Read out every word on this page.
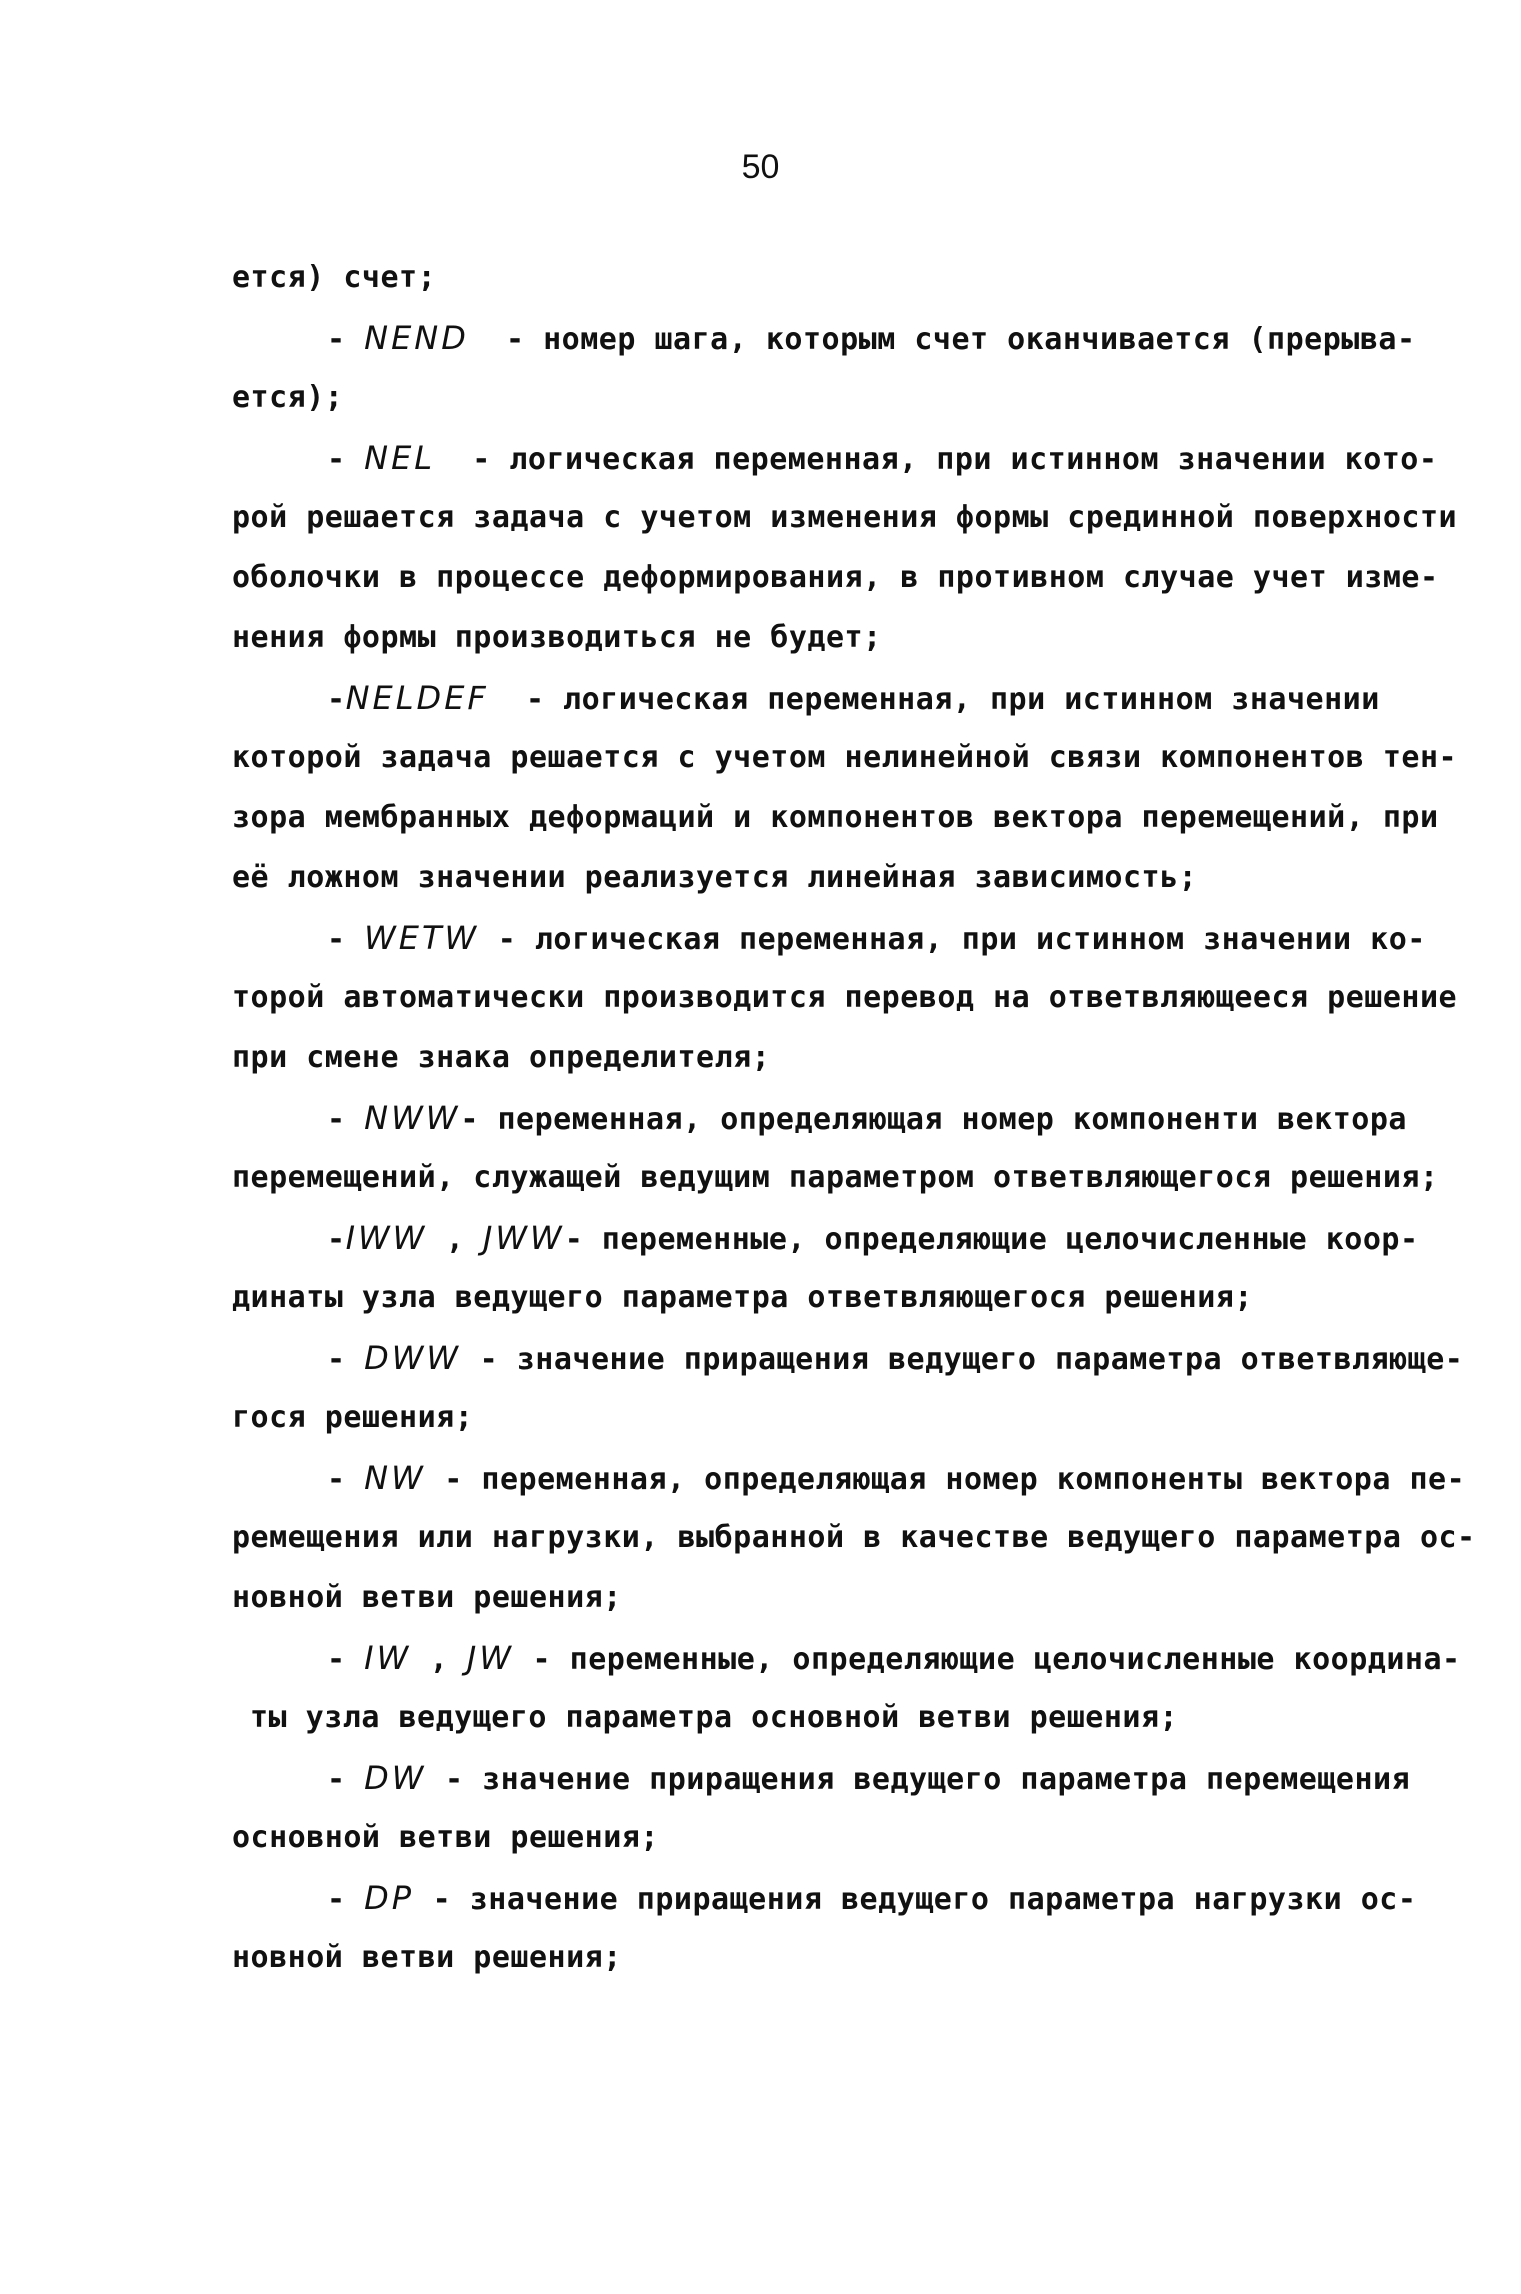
50
ется) счет;
- NEND - номер шага, которым счет оканчивается (прерыва-
ется);
- NEL - логическая переменная, при истинном значении кото-
рой решается задача с учетом изменения формы срединной поверхности
оболочки в процессе деформирования, в противном случае учет изме-
нения формы производиться не будет;
-NELDEF - логическая переменная, при истинном значении
которой задача решается с учетом нелинейной связи компонентов тен-
зора мембранных деформаций и компонентов вектора перемещений, при
её ложном значении реализуется линейная зависимость;
- WETW - логическая переменная, при истинном значении ко-
торой автоматически производится перевод на ответвляющееся решение
при смене знака определителя;
- NWW- переменная, определяющая номер компоненти вектора
перемещений, служащей ведущим параметром ответвляющегося решения;
-IWW , JWW- переменные, определяющие целочисленные коор-
динаты узла ведущего параметра ответвляющегося решения;
- DWW - значение приращения ведущего параметра ответвляюще-
гося решения;
- NW - переменная, определяющая номер компоненты вектора пе-
ремещения или нагрузки, выбранной в качестве ведущего параметра ос-
новной ветви решения;
- IW , JW - переменные, определяющие целочисленные координа-
ты узла ведущего параметра основной ветви решения;
- DW - значение приращения ведущего параметра перемещения
основной ветви решения;
- DP - значение приращения ведущего параметра нагрузки ос-
новной ветви решения;
